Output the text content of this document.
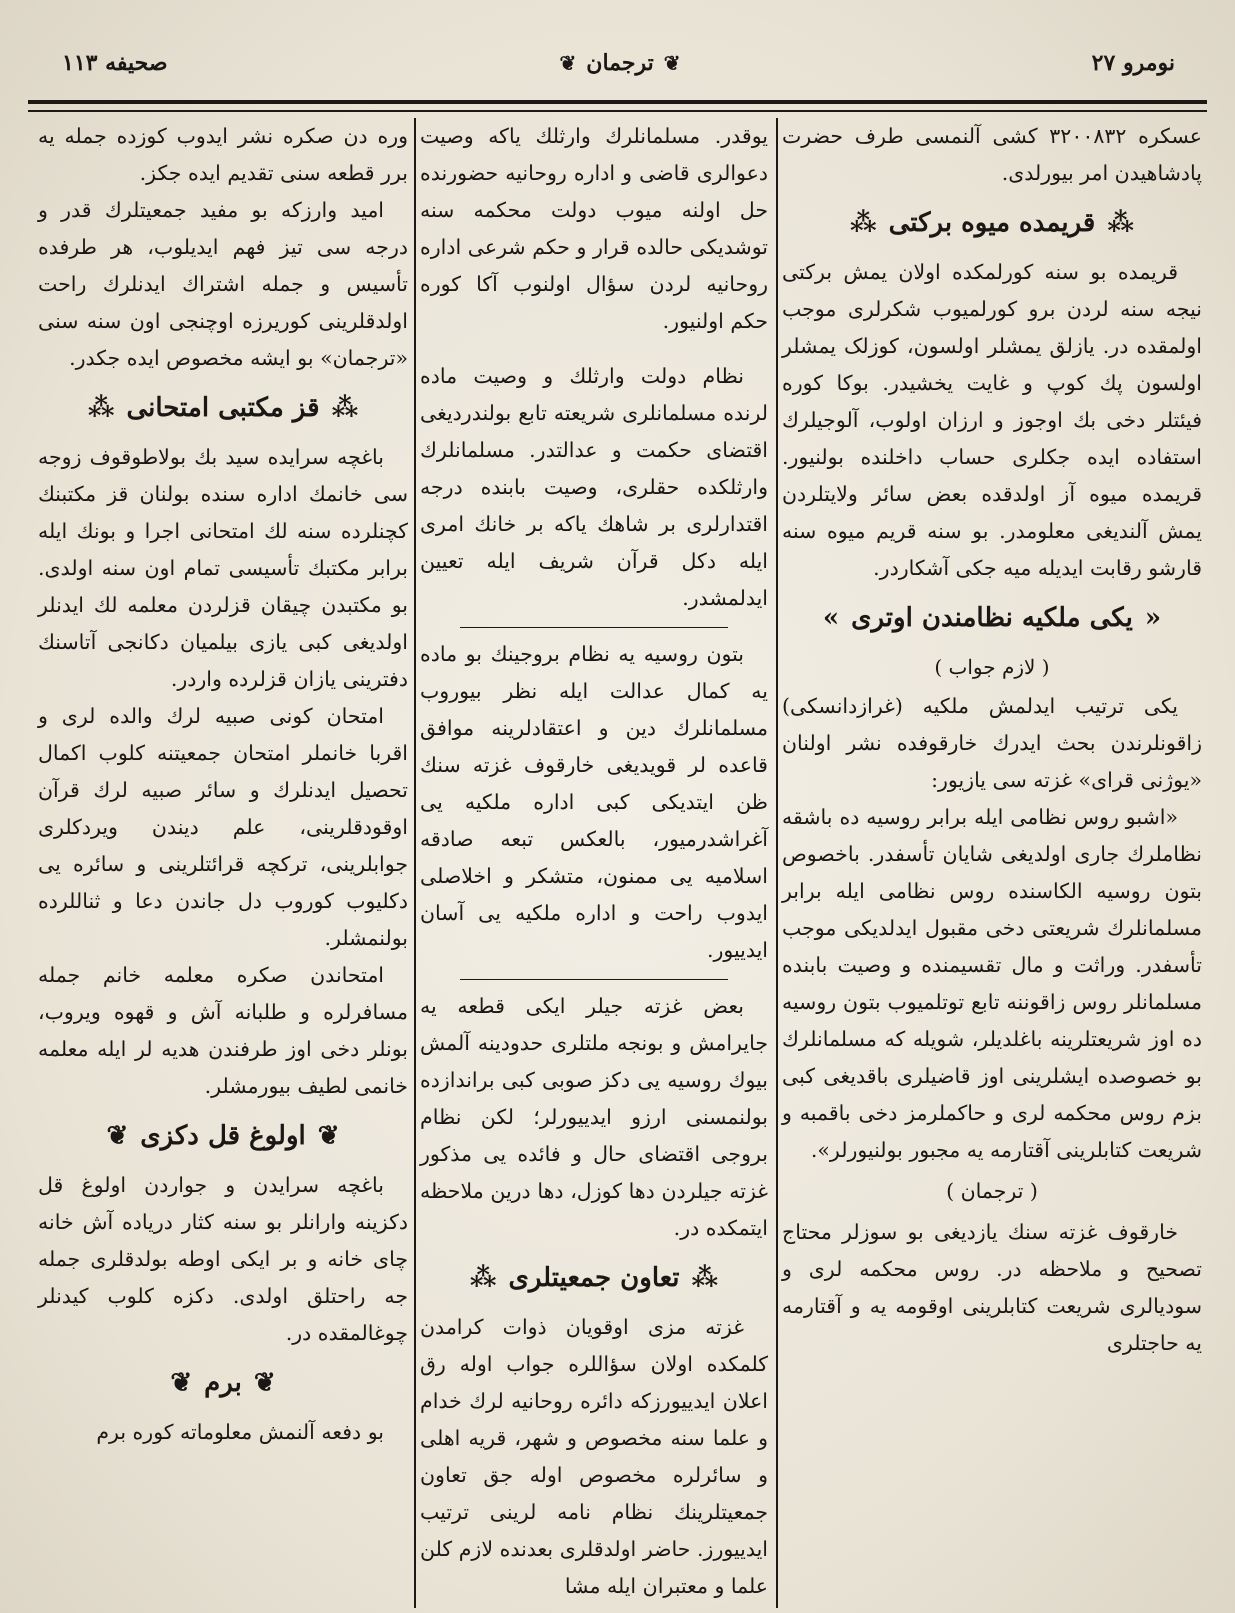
نومرو ۲۷
❦
ترجمان
❦
صحیفه ۱۱۳

عسکره ۳۲۰۰۸۳۲ کشی آلنمسی طرف حضرت پادشاهیدن امر بیورلدی.

⁂
قریمده میوه برکتی
⁂

قریمده بو سنه کورلمکده اولان یمش برکتی نیجه سنه لردن برو کورلمیوب شکرلری موجب اولمقده در. یازلق یمشلر اولسون، کوزلک یمشلر اولسون پك کوپ و غایت یخشیدر. بوکا کوره فیئتلر دخی بك اوجوز و ارزان اولوب، آلوجیلرك استفاده ایده جکلری حساب داخلنده بولنیور. قریمده میوه آز اولدقده بعض سائر ولایتلردن یمش آلندیغی معلومدر. بو سنه قریم میوه سنه قارشو رقابت ایدیله میه جکی آشکاردر.

«
یکی ملکیه نظامندن اوتری
»
( لازم جواب )

یکی ترتیب ایدلمش ملکیه (غرازدانسکی) زاقونلرندن بحث ایدرك خارقوفده نشر اولنان «یوژنی قرای» غزته سی یازیور:

«اشبو روس نظامی ایله برابر روسیه ده باشقه نظاملرك جاری اولدیغی شایان تأسفدر. باخصوص بتون روسیه الکاسنده روس نظامی ایله برابر مسلمانلرك شریعتی دخی مقبول ایدلدیکی موجب تأسفدر. وراثت و مال تقسیمنده و وصیت بابنده مسلمانلر روس زاقوننه تابع توتلمیوب بتون روسیه ده اوز شریعتلرینه باغلدیلر، شویله که مسلمانلرك بو خصوصده ایشلرینی اوز قاضیلری باقدیغی کبی بزم روس محکمه لری و حاکملرمز دخی باقمبه و شریعت کتابلرینی آقتارمه یه مجبور بولنیورلر».

( ترجمان )

خارقوف غزته سنك یازدیغی بو سوزلر محتاج تصحیح و ملاحظه در. روس محکمه لری و سودیالری شریعت کتابلرینی اوقومه یه و آقتارمه یه حاجتلری

یوقدر. مسلمانلرك وارثلك یاکه وصیت دعوالری قاضی و اداره روحانیه حضورنده حل اولنه میوب دولت محکمه سنه توشدیکی حالده قرار و حکم شرعی اداره روحانیه لردن سؤال اولنوب آکا کوره حکم اولنیور.

نظام دولت وارثلك و وصیت ماده لرنده مسلمانلری شریعته تابع بولندردیغی اقتضای حکمت و عدالتدر. مسلمانلرك وارثلكده حقلری، وصیت بابنده درجه اقتدارلری بر شاهك یاکه بر خانك امری ایله دکل قرآن شریف ایله تعیین ایدلمشدر.

بتون روسیه یه نظام بروجینك بو ماده یه کمال عدالت ایله نظر بیوروب مسلمانلرك دین و اعتقادلرینه موافق قاعده لر قویدیغی خارقوف غزته سنك ظن ایتدیکی کبی اداره ملکیه یی آغراشدرمیور، بالعکس تبعه صادقه اسلامیه یی ممنون، متشکر و اخلاصلی ایدوب راحت و اداره ملکیه یی آسان ایدییور.

بعض غزته جیلر ایکی قطعه یه جایرامش و بونجه ملتلری حدودینه آلمش بیوك روسیه یی دکز صوبی کبی براندازده بولنمسنی ارزو ایدییورلر؛ لکن نظام بروجی اقتضای حال و فائده یی مذکور غزته جیلردن دها کوزل، دها درین ملاحظه ایتمکده در.

⁂
تعاون جمعیتلری
⁂

غزته مزی اوقویان ذوات کرامدن کلمکده اولان سؤاللره جواب اوله رق اعلان ایدییورزکه دائره روحانیه لرك خدام و علما سنه مخصوص و شهر، قریه اهلی و سائرلره مخصوص اوله جق تعاون جمعیتلرینك نظام نامه لرینی ترتیب ایدییورز. حاضر اولدقلری بعدنده لازم کلن علما و معتبران ایله مشا

وره دن صکره نشر ایدوب کوزده جمله یه برر قطعه سنی تقدیم ایده جکز.

امید وارزکه بو مفید جمعیتلرك قدر و درجه سی تیز فهم ایدیلوب، هر طرفده تأسیس و جمله اشتراك ایدنلرك راحت اولدقلرینی کوریرزه اوچنجی اون سنه سنی «ترجمان» بو ایشه مخصوص ایده جکدر.

⁂
قز مکتبی امتحانی
⁂

باغچه سرایده سید بك بولاطوقوف زوجه سی خانمك اداره سنده بولنان قز مکتبنك کچنلرده سنه لك امتحانی اجرا و بونك ایله برابر مکتبك تأسیسی تمام اون سنه اولدی. بو مکتبدن چیقان قزلردن معلمه لك ایدنلر اولدیغی کبی یازی بیلمیان دکانجی آتاسنك دفترینی یازان قزلرده واردر.

امتحان کونی صبیه لرك والده لری و اقربا خانملر امتحان جمعیتنه کلوب اکمال تحصیل ایدنلرك و سائر صبیه لرك قرآن اوقودقلرینی، علم دیندن ویردکلری جوابلرینی، ترکچه قرائتلرینی و سائره یی دکلیوب کوروب دل جاندن دعا و ثناللرده بولنمشلر.

امتحاندن صکره معلمه خانم جمله مسافرلره و طلبانه آش و قهوه ویروب، بونلر دخی اوز طرفندن هدیه لر ایله معلمه خانمی لطیف بیورمشلر.

❦
اولوغ قل دکزی
❦

باغچه سرایدن و جواردن اولوغ قل دکزینه وارانلر بو سنه کثار دریاده آش خانه چای خانه و بر ایکی اوطه بولدقلری جمله جه راحتلق اولدی. دکزه کلوب کیدنلر چوغالمقده در.

❦
برم
❦

بو دفعه آلنمش معلوماته کوره برم
